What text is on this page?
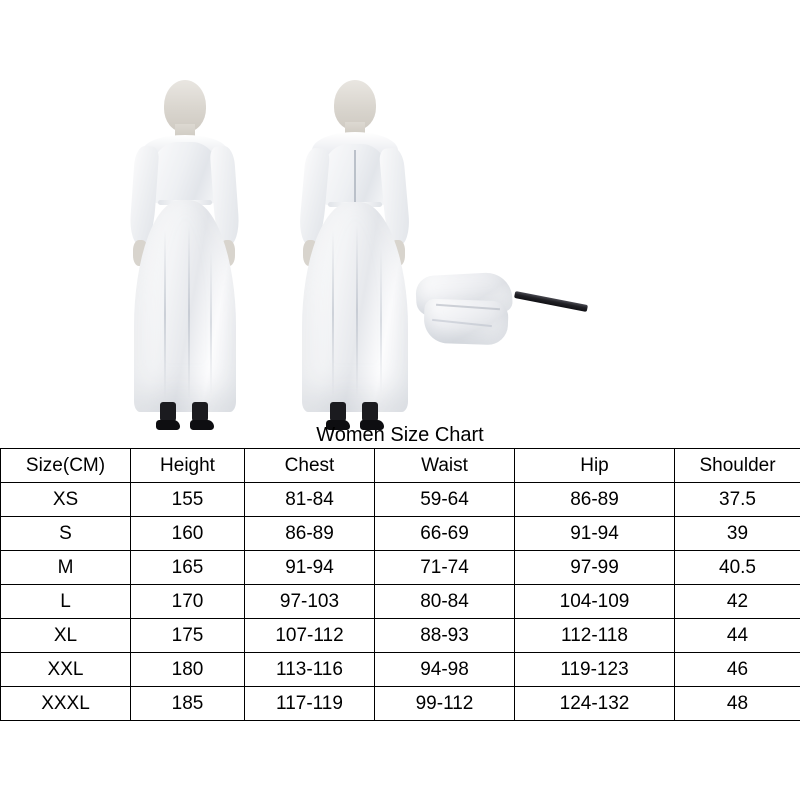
Women Size Chart
Size(CM)	Height	Chest	Waist	Hip	Shoulder
XS	155	81-84	59-64	86-89	37.5
S	160	86-89	66-69	91-94	39
M	165	91-94	71-74	97-99	40.5
L	170	97-103	80-84	104-109	42
XL	175	107-112	88-93	112-118	44
XXL	180	113-116	94-98	119-123	46
XXXL	185	117-119	99-112	124-132	48
